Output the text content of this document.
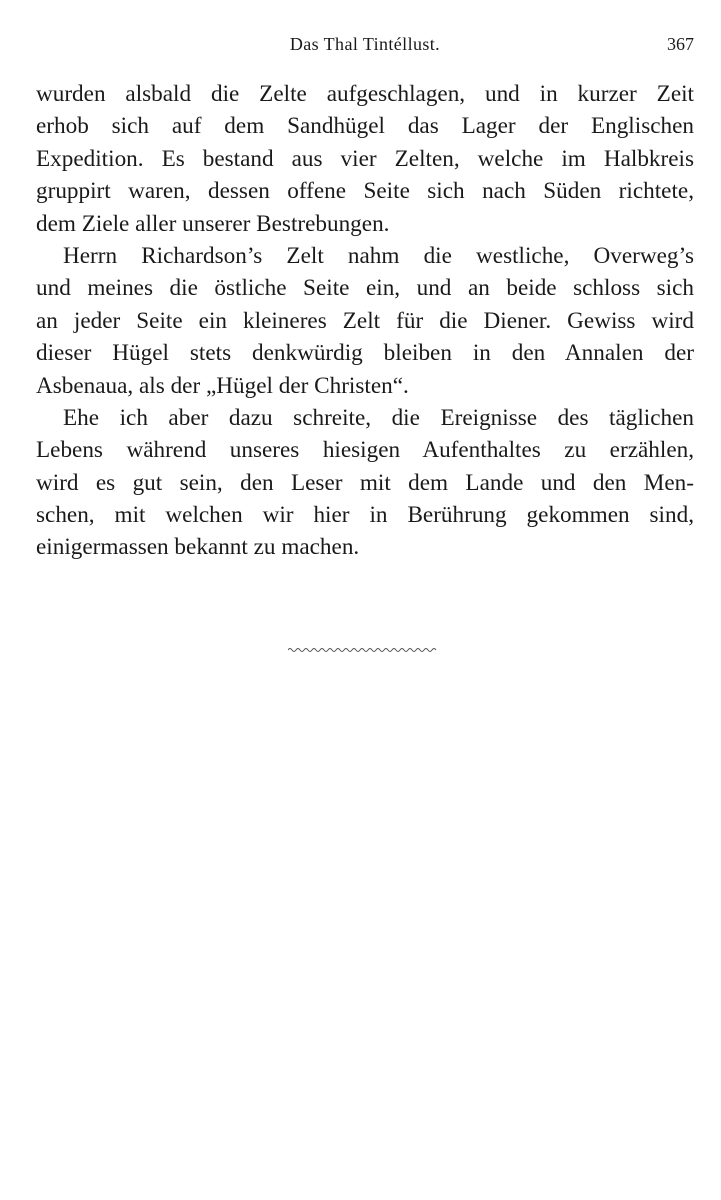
Das Thal Tintéllust.	367
wurden alsbald die Zelte aufgeschlagen, und in kurzer Zeit
erhob sich auf dem Sandhügel das Lager der Englischen
Expedition. Es bestand aus vier Zelten, welche im Halbkreis
gruppirt waren, dessen offene Seite sich nach Süden richtete,
dem Ziele aller unserer Bestrebungen.
Herrn Richardson’s Zelt nahm die westliche, Overweg’s
und meines die östliche Seite ein, und an beide schloss sich
an jeder Seite ein kleineres Zelt für die Diener. Gewiss wird
dieser Hügel stets denkwürdig bleiben in den Annalen der
Asbenaua, als der „Hügel der Christen“.
Ehe ich aber dazu schreite, die Ereignisse des täglichen
Lebens während unseres hiesigen Aufenthaltes zu erzählen,
wird es gut sein, den Leser mit dem Lande und den Men-
schen, mit welchen wir hier in Berührung gekommen sind,
einigermassen bekannt zu machen.
